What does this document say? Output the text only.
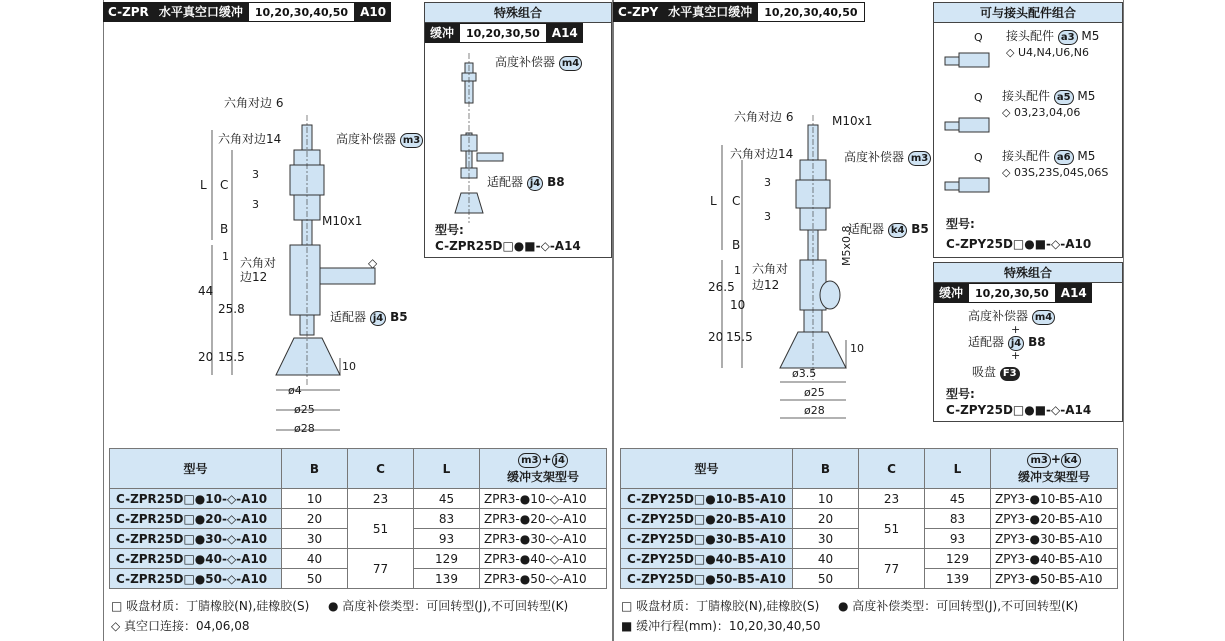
C-ZPR 水平真空口缓冲	10,20,30,40,50	A10	特殊组合
缓冲	10,20,30,50	A14
高度补偿器 m4
适配器 j4 B8
型号:
C-ZPR25D□●■-◇-A14
六角对边 6
六角对边14	高度补偿器 m3
M10x1
六角对
边12
◇
适配器 j4 B5
L C
3
3
B
1
44
25.8
20 15.5
10
ø4
ø25
ø28
型号	B	C	L	m3 + j4
缓冲支架型号
C-ZPR25D□●10-◇-A10	10	23	45	ZPR3-●10-◇-A10
C-ZPR25D□●20-◇-A10	20	51	83	ZPR3-●20-◇-A10
C-ZPR25D□●30-◇-A10	30		93	ZPR3-●30-◇-A10
C-ZPR25D□●40-◇-A10	40	77	129	ZPR3-●40-◇-A10
C-ZPR25D□●50-◇-A10	50		139	ZPR3-●50-◇-A10
□ 吸盘材质：丁腈橡胶(N),硅橡胶(S) ● 高度补偿类型：可回转型(J),不可回转型(K)
◇ 真空口连接：04,06,08
C-ZPY 水平真空口缓冲	10,20,30,40,50	可与接头配件组合
Q
Q
Q
接头配件 a3 M5
◇ U4,N4,U6,N6
接头配件 a5 M5
◇ 03,23,04,06
接头配件 a6 M5
◇ 03S,23S,04S,06S
型号:
C-ZPY25D□●■-◇-A10
特殊组合
缓冲	10,20,30,50	A14
高度补偿器 m4
+
适配器 j4 B8
+
吸盘 F3
型号:
C-ZPY25D□●■-◇-A14
六角对边 6	M10x1
六角对边14	高度补偿器 m3
适配器 k4 B5
M5x0.8
六角对
边12
L C
3
3
B
1
26.5
10
20 15.5
10
ø3.5
ø25
ø28
型号	B	C	L	m3 + k4
缓冲支架型号
C-ZPY25D□●10-B5-A10	10	23	45	ZPY3-●10-B5-A10
C-ZPY25D□●20-B5-A10	20	51	83	ZPY3-●20-B5-A10
C-ZPY25D□●30-B5-A10	30		93	ZPY3-●30-B5-A10
C-ZPY25D□●40-B5-A10	40	77	129	ZPY3-●40-B5-A10
C-ZPY25D□●50-B5-A10	50		139	ZPY3-●50-B5-A10
□ 吸盘材质：丁腈橡胶(N),硅橡胶(S) ● 高度补偿类型：可回转型(J),不可回转型(K)
■ 缓冲行程(mm)：10,20,30,40,50
